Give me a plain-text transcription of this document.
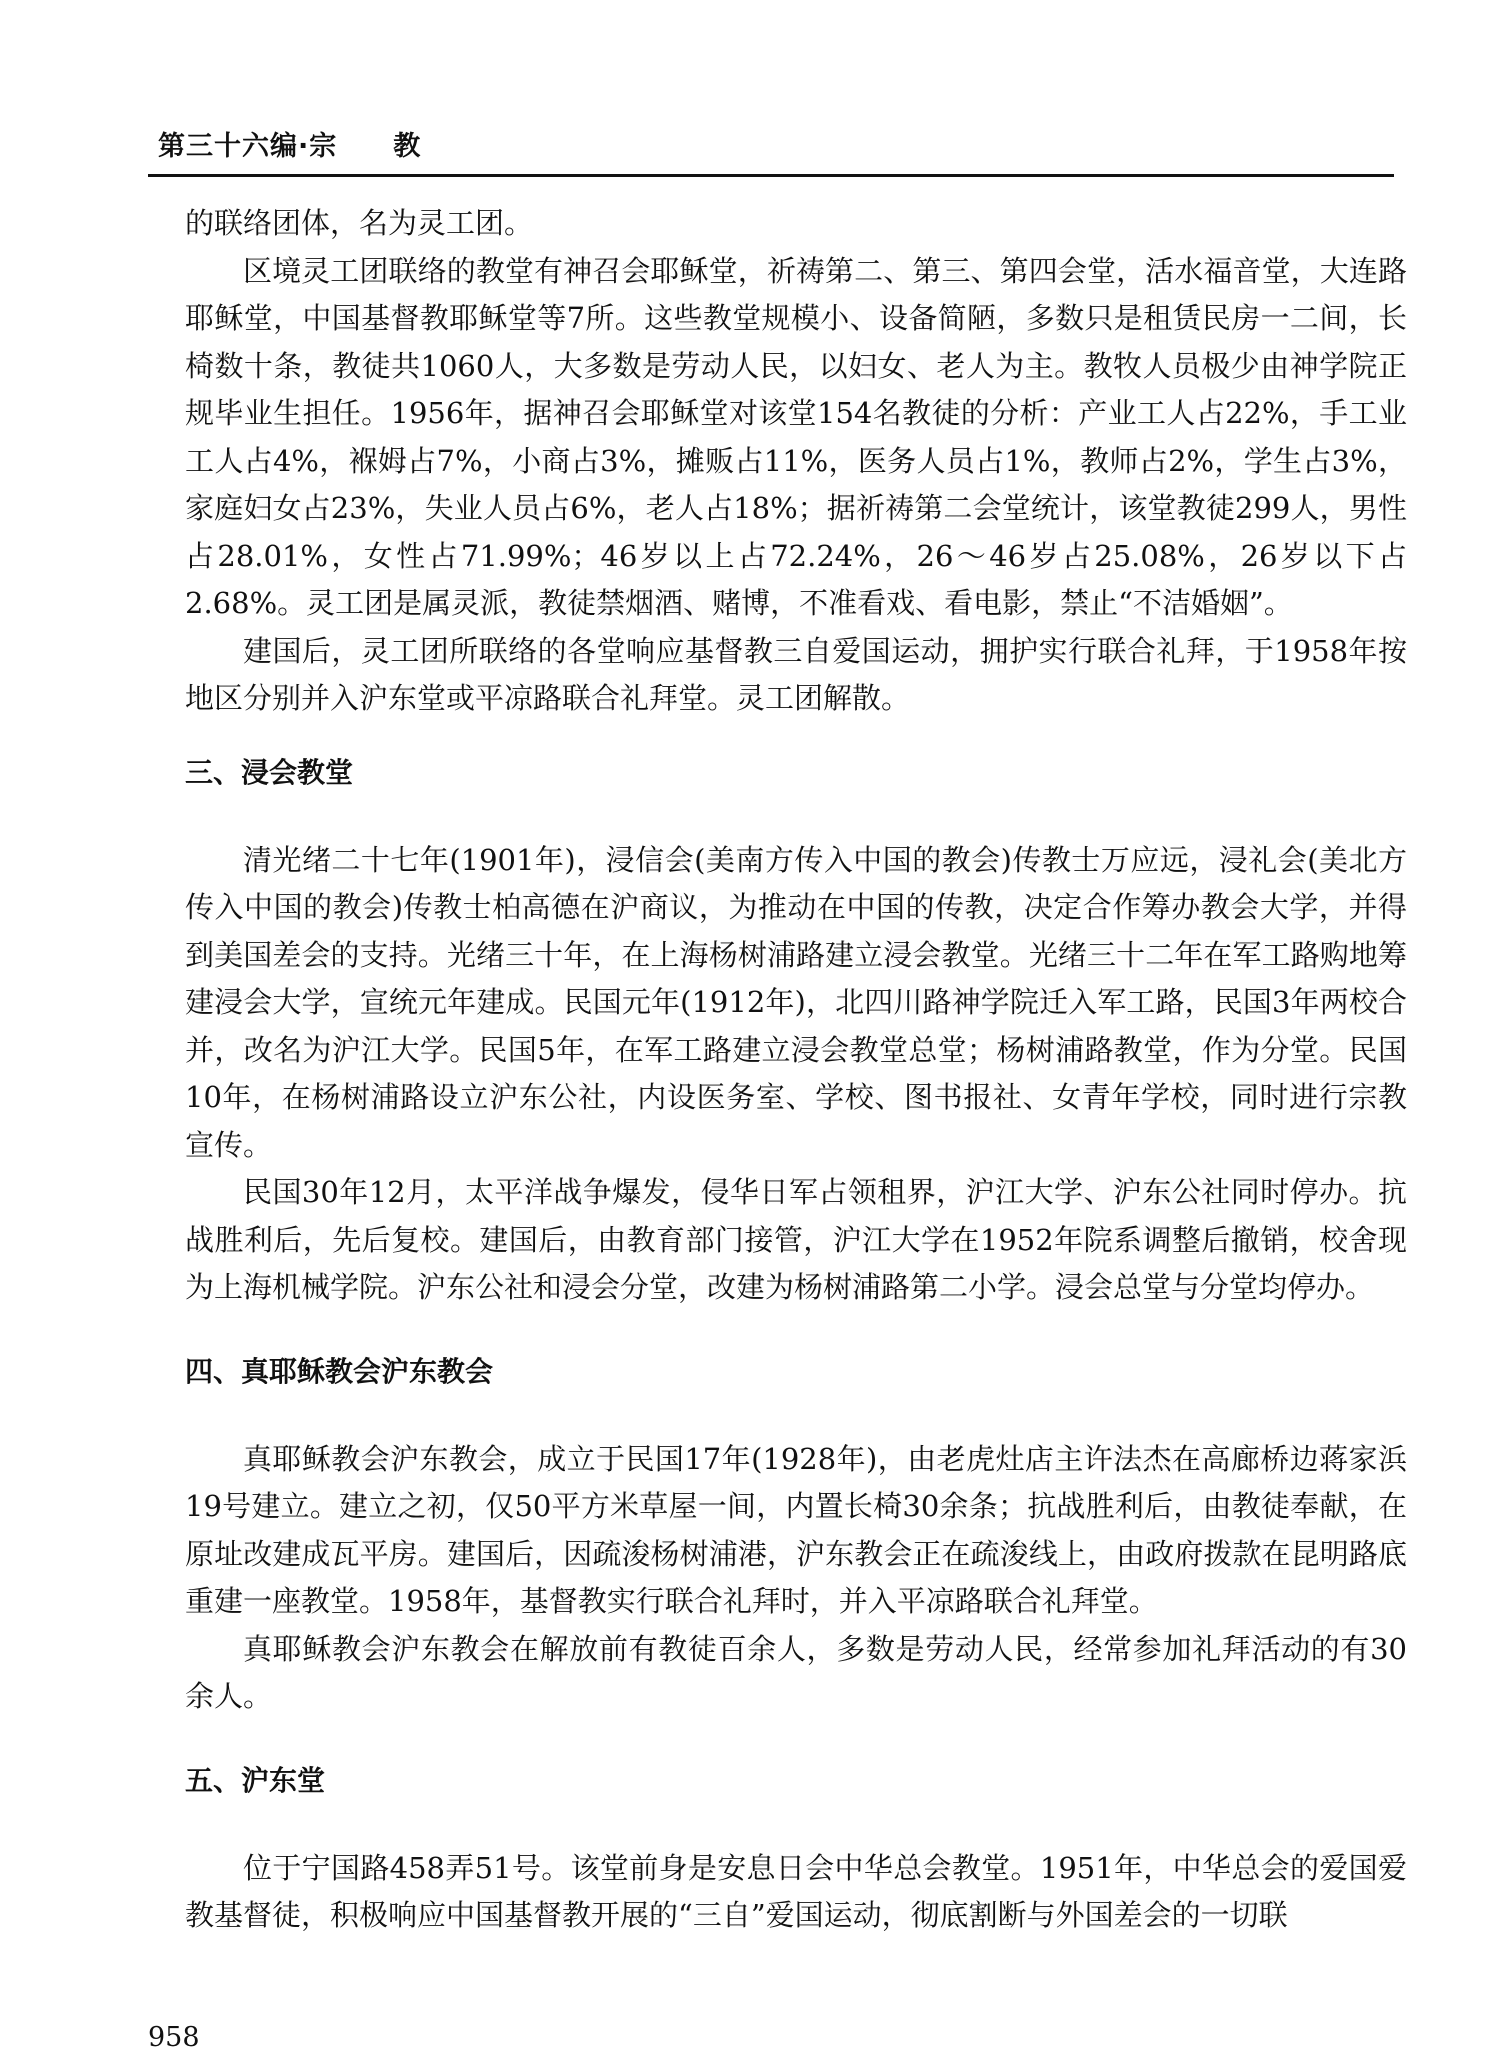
第三十六编·宗　　教

的联络团体，名为灵工团。

区境灵工团联络的教堂有神召会耶稣堂，祈祷第二、第三、第四会堂，活水福音堂，大连路耶稣堂，中国基督教耶稣堂等7所。这些教堂规模小、设备简陋，多数只是租赁民房一二间，长椅数十条，教徒共1060人，大多数是劳动人民，以妇女、老人为主。教牧人员极少由神学院正规毕业生担任。1956年，据神召会耶稣堂对该堂154名教徒的分析：产业工人占22%，手工业工人占4%，褓姆占7%，小商占3%，摊贩占11%，医务人员占1%，教师占2%，学生占3%，家庭妇女占23%，失业人员占6%，老人占18%；据祈祷第二会堂统计，该堂教徒299人，男性占28.01%，女性占71.99%；46岁以上占72.24%，26～46岁占25.08%，26岁以下占2.68%。灵工团是属灵派，教徒禁烟酒、赌博，不准看戏、看电影，禁止“不洁婚姻”。

建国后，灵工团所联络的各堂响应基督教三自爱国运动，拥护实行联合礼拜，于1958年按地区分别并入沪东堂或平凉路联合礼拜堂。灵工团解散。

三、浸会教堂

清光绪二十七年(1901年)，浸信会(美南方传入中国的教会)传教士万应远，浸礼会(美北方传入中国的教会)传教士柏高德在沪商议，为推动在中国的传教，决定合作筹办教会大学，并得到美国差会的支持。光绪三十年，在上海杨树浦路建立浸会教堂。光绪三十二年在军工路购地筹建浸会大学，宣统元年建成。民国元年(1912年)，北四川路神学院迁入军工路，民国3年两校合并，改名为沪江大学。民国5年，在军工路建立浸会教堂总堂；杨树浦路教堂，作为分堂。民国10年，在杨树浦路设立沪东公社，内设医务室、学校、图书报社、女青年学校，同时进行宗教宣传。

民国30年12月，太平洋战争爆发，侵华日军占领租界，沪江大学、沪东公社同时停办。抗战胜利后，先后复校。建国后，由教育部门接管，沪江大学在1952年院系调整后撤销，校舍现为上海机械学院。沪东公社和浸会分堂，改建为杨树浦路第二小学。浸会总堂与分堂均停办。

四、真耶稣教会沪东教会

真耶稣教会沪东教会，成立于民国17年(1928年)，由老虎灶店主许法杰在高廊桥边蒋家浜19号建立。建立之初，仅50平方米草屋一间，内置长椅30余条；抗战胜利后，由教徒奉献，在原址改建成瓦平房。建国后，因疏浚杨树浦港，沪东教会正在疏浚线上，由政府拨款在昆明路底重建一座教堂。1958年，基督教实行联合礼拜时，并入平凉路联合礼拜堂。

真耶稣教会沪东教会在解放前有教徒百余人，多数是劳动人民，经常参加礼拜活动的有30余人。

五、沪东堂

位于宁国路458弄51号。该堂前身是安息日会中华总会教堂。1951年，中华总会的爱国爱教基督徒，积极响应中国基督教开展的“三自”爱国运动，彻底割断与外国差会的一切联

958
